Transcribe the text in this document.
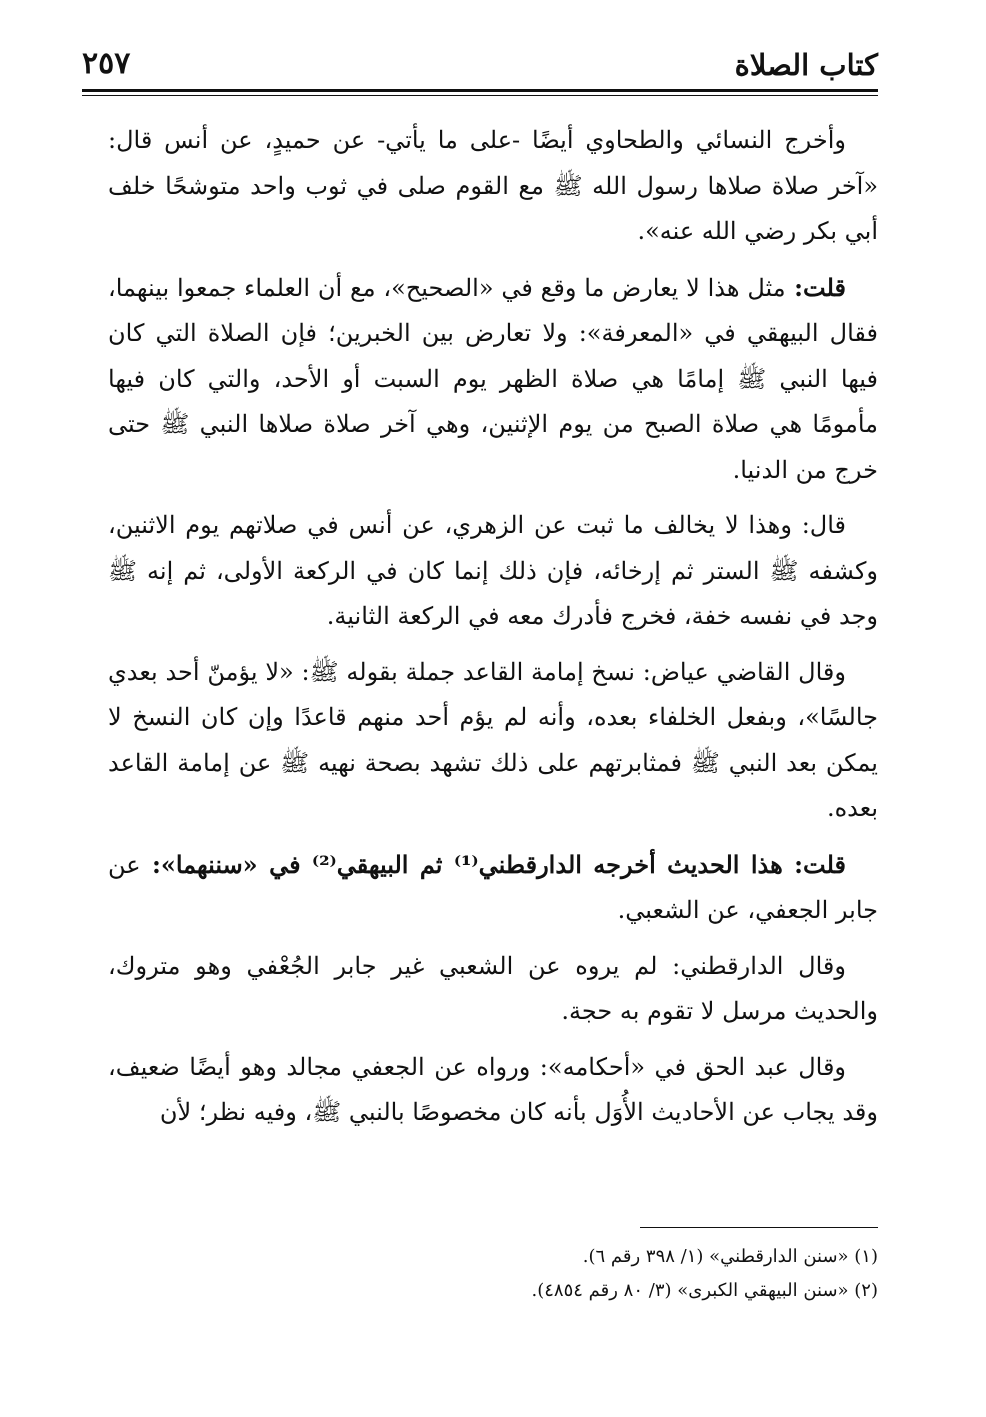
كتاب الصلاة
٢٥٧

وأخرج النسائي والطحاوي أيضًا -على ما يأتي- عن حميدٍ، عن أنس قال: «آخر صلاة صلاها رسول الله ﷺ مع القوم صلى في ثوب واحد متوشحًا خلف أبي بكر رضي الله عنه».

قلت: مثل هذا لا يعارض ما وقع في «الصحيح»، مع أن العلماء جمعوا بينهما، فقال البيهقي في «المعرفة»: ولا تعارض بين الخبرين؛ فإن الصلاة التي كان فيها النبي ﷺ إمامًا هي صلاة الظهر يوم السبت أو الأحد، والتي كان فيها مأمومًا هي صلاة الصبح من يوم الإثنين، وهي آخر صلاة صلاها النبي ﷺ حتى خرج من الدنيا.

قال: وهذا لا يخالف ما ثبت عن الزهري، عن أنس في صلاتهم يوم الاثنين، وكشفه ﷺ الستر ثم إرخائه، فإن ذلك إنما كان في الركعة الأولى، ثم إنه ﷺ وجد في نفسه خفة، فخرج فأدرك معه في الركعة الثانية.

وقال القاضي عياض: نسخ إمامة القاعد جملة بقوله ﷺ: «لا يؤمنّ أحد بعدي جالسًا»، وبفعل الخلفاء بعده، وأنه لم يؤم أحد منهم قاعدًا وإن كان النسخ لا يمكن بعد النبي ﷺ فمثابرتهم على ذلك تشهد بصحة نهيه ﷺ عن إمامة القاعد بعده.

قلت: هذا الحديث أخرجه الدارقطني⁽¹⁾ ثم البيهقي⁽²⁾ في «سننهما»: عن جابر الجعفي، عن الشعبي.

وقال الدارقطني: لم يروه عن الشعبي غير جابر الجُعْفي وهو متروك، والحديث مرسل لا تقوم به حجة.

وقال عبد الحق في «أحكامه»: ورواه عن الجعفي مجالد وهو أيضًا ضعيف، وقد يجاب عن الأحاديث الأُوَل بأنه كان مخصوصًا بالنبي ﷺ، وفيه نظر؛ لأن

(١) «سنن الدارقطني» (١/ ٣٩٨ رقم ٦).
(٢) «سنن البيهقي الكبرى» (٣/ ٨٠ رقم ٤٨٥٤).
